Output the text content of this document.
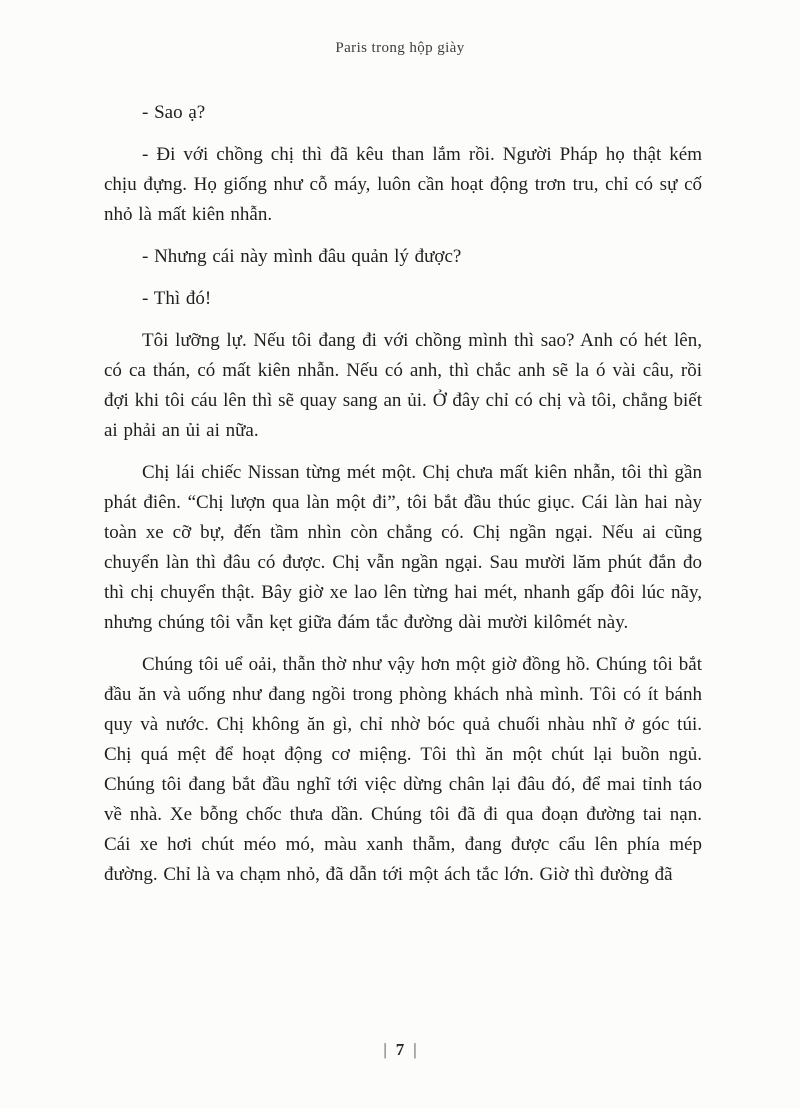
Paris trong hộp giày

- Sao ạ?

- Đi với chồng chị thì đã kêu than lắm rồi. Người Pháp họ thật kém chịu đựng. Họ giống như cỗ máy, luôn cần hoạt động trơn tru, chỉ có sự cố nhỏ là mất kiên nhẫn.

- Nhưng cái này mình đâu quản lý được?

- Thì đó!

Tôi lưỡng lự. Nếu tôi đang đi với chồng mình thì sao? Anh có hét lên, có ca thán, có mất kiên nhẫn. Nếu có anh, thì chắc anh sẽ la ó vài câu, rồi đợi khi tôi cáu lên thì sẽ quay sang an ủi. Ở đây chỉ có chị và tôi, chẳng biết ai phải an ủi ai nữa.

Chị lái chiếc Nissan từng mét một. Chị chưa mất kiên nhẫn, tôi thì gần phát điên. “Chị lượn qua làn một đi”, tôi bắt đầu thúc giục. Cái làn hai này toàn xe cỡ bự, đến tầm nhìn còn chẳng có. Chị ngần ngại. Nếu ai cũng chuyển làn thì đâu có được. Chị vẫn ngần ngại. Sau mười lăm phút đắn đo thì chị chuyển thật. Bây giờ xe lao lên từng hai mét, nhanh gấp đôi lúc nãy, nhưng chúng tôi vẫn kẹt giữa đám tắc đường dài mười kilômét này.

Chúng tôi uể oải, thẫn thờ như vậy hơn một giờ đồng hồ. Chúng tôi bắt đầu ăn và uống như đang ngồi trong phòng khách nhà mình. Tôi có ít bánh quy và nước. Chị không ăn gì, chỉ nhờ bóc quả chuối nhàu nhĩ ở góc túi. Chị quá mệt để hoạt động cơ miệng. Tôi thì ăn một chút lại buồn ngủ. Chúng tôi đang bắt đầu nghĩ tới việc dừng chân lại đâu đó, để mai tỉnh táo về nhà. Xe bỗng chốc thưa dần. Chúng tôi đã đi qua đoạn đường tai nạn. Cái xe hơi chút méo mó, màu xanh thẫm, đang được cẩu lên phía mép đường. Chỉ là va chạm nhỏ, đã dẫn tới một ách tắc lớn. Giờ thì đường đã

| 7 |
